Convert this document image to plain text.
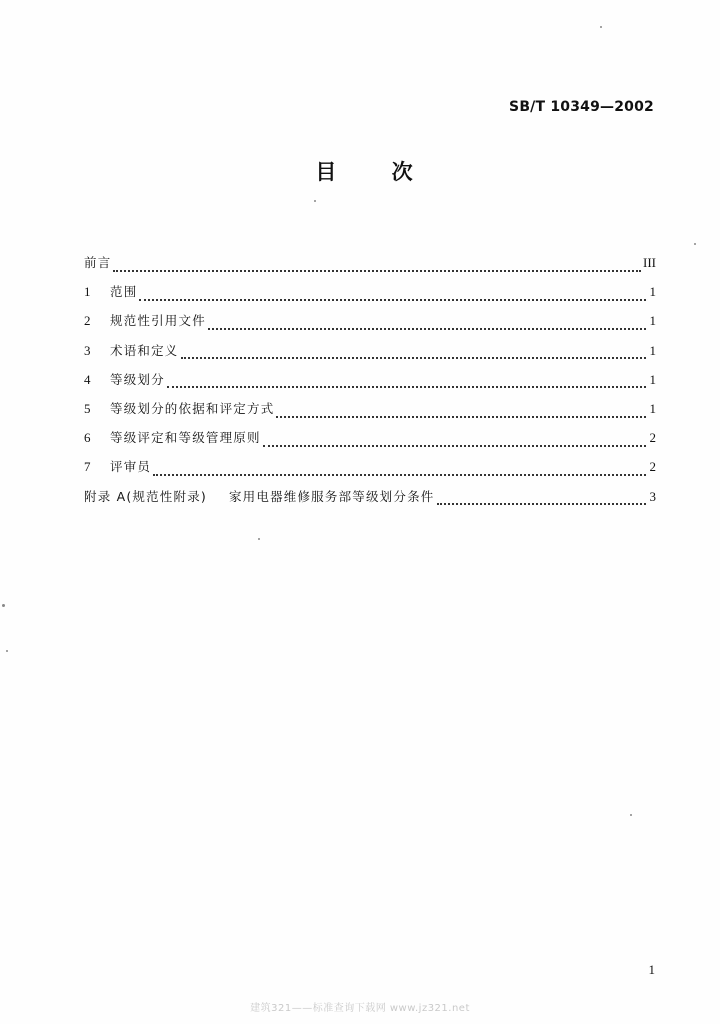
SB/T 10349—2002
目 次
前言	III
1	范围	1
2	规范性引用文件	1
3	术语和定义	1
4	等级划分	1
5	等级划分的依据和评定方式	1
6	等级评定和等级管理原则	2
7	评审员	2
附录 A(规范性附录) 家用电器维修服务部等级划分条件	3
1
建筑321——标准查询下载网 www.jz321.net
